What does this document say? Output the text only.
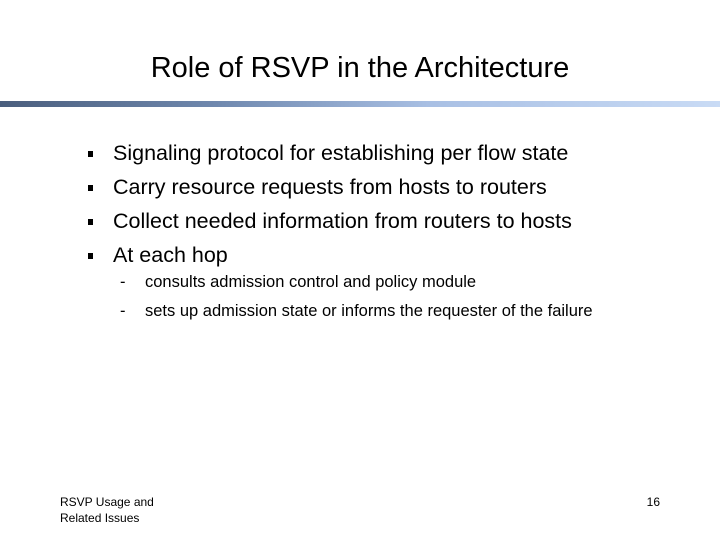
Role of RSVP in the Architecture
Signaling protocol for establishing per flow state
Carry resource requests from hosts to routers
Collect needed information from routers to hosts
At each hop
- consults admission control and policy module
- sets up admission state or informs the requester of the failure
RSVP Usage and
Related Issues
16
